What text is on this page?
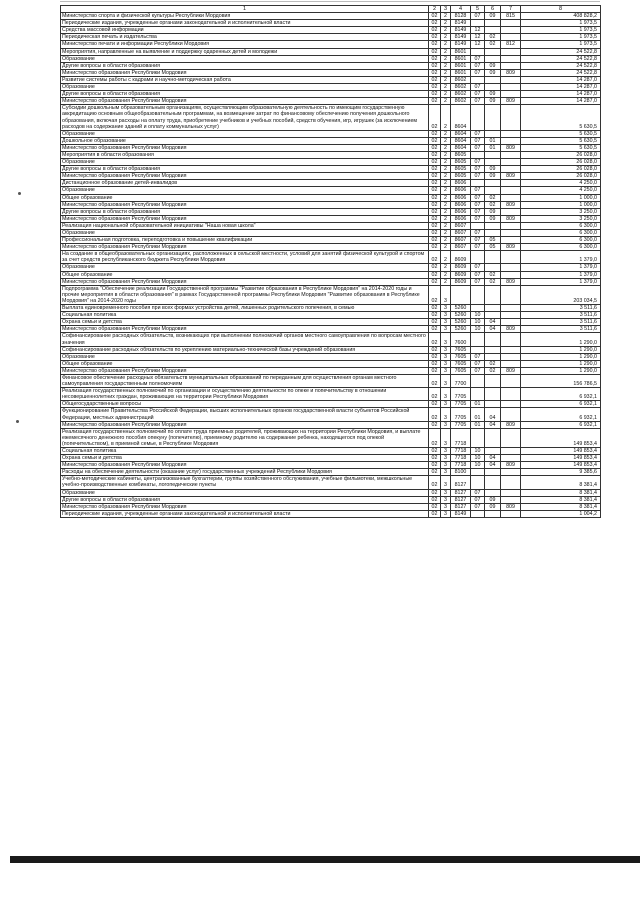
1	2	3	4	5	6	7	8
Министерство спорта и физической культуры Республики Мордовия	02	2	8128	07	09	815	408 828,2
Периодические издания, учрежденные органами законодательной и исполнительной власти	02	2	8149				1 973,5
Средства массовой информации	02	2	8149	12			1 973,5
Периодическая печать и издательства	02	2	8149	12	02		1 973,5
Министерство печати и информации Республики Мордовия	02	2	8149	12	02	812	1 973,5
Мероприятия, направленные на выявление и поддержку одаренных детей и молодежи	02	2	8601				24 522,8
Образование	02	2	8601	07			24 522,8
Другие вопросы в области образования	02	2	8601	07	09		24 522,8
Министерство образования Республики Мордовия	02	2	8601	07	09	809	24 522,8
Развитие системы работы с кадрами и научно-методическая работа	02	2	8602				14 287,0
Образование	02	2	8602	07			14 287,0
Другие вопросы в области образования	02	2	8602	07	09		14 287,0
Министерство образования Республики Мордовия	02	2	8602	07	09	809	14 287,0
Субсидии дошкольным образовательным организациям, осуществляющим образовательную деятельность по имеющим государственную аккредитацию основным общеобразовательным программам, на возмещение затрат по финансовому обеспечению получения дошкольного образования, включая расходы на оплату труда, приобретение учебников и учебных пособий, средств обучения, игр, игрушек (за исключением расходов на содержание зданий и оплату коммунальных услуг)	02	2	8604				5 630,5
Образование	02	2	8604	07			5 630,5
Дошкольное образование	02	2	8604	07	01		5 630,5
Министерство образования Республики Мордовия	02	2	8604	07	01	809	5 630,5
Мероприятия в области образования	02	2	8605				26 028,0
Образование	02	2	8605	07			26 028,0
Другие вопросы в области образования	02	2	8605	07	09		26 028,0
Министерство образования Республики Мордовия	02	2	8605	07	09	809	26 028,0
Дистанционное образование детей-инвалидов	02	2	8606				4 250,0
Образование	02	2	8606	07			4 250,0
Общее образование	02	2	8606	07	02		1 000,0
Министерство образования Республики Мордовия	02	2	8606	07	02	809	1 000,0
Другие вопросы в области образования	02	2	8606	07	09		3 250,0
Министерство образования Республики Мордовия	02	2	8606	07	09	809	3 250,0
Реализация национальной образовательной инициативы "Наша новая школа"	02	2	8607				6 300,0
Образование	02	2	8607	07			6 300,0
Профессиональная подготовка, переподготовка и повышение квалификации	02	2	8607	07	05		6 300,0
Министерство образования Республики Мордовия	02	2	8607	07	05	809	6 300,0
На создание в общеобразовательных организациях, расположенных в сельской местности, условий для занятий физической культурой и спортом за счет средств республиканского бюджета Республики Мордовия	02	2	8609				1 379,0
Образование	02	2	8609	07			1 379,0
Общее образование	02	2	8609	07	02		1 379,0
Министерство образования Республики Мордовия	02	2	8609	07	02	809	1 379,0
Подпрограмма "Обеспечение реализации Государственной программы "Развитие образования в Республике Мордовия" на 2014-2020 годы и прочие мероприятия в области образования" в рамках Государственной программы Республики Мордовия "Развитие образования в Республике Мордовия" на 2014-2020 годы	02	3					203 034,5
Выплата единовременного пособия при всех формах устройства детей, лишенных родительского попечения, в семью	02	3	5260				3 511,6
Социальная политика	02	3	5260	10			3 511,6
Охрана семьи и детства	02	3	5260	10	04		3 511,6
Министерство образования Республики Мордовия	02	3	5260	10	04	809	3 511,6
Софинансирование расходных обязательств, возникающих при выполнении полномочий органов местного самоуправления по вопросам местного значения	02	3	7600				1 290,0
Софинансирование расходных обязательств по укреплению материально-технической базы учреждений образования	02	3	7605				1 290,0
Образование	02	3	7605	07			1 290,0
Общее образование	02	3	7605	07	02		1 290,0
Министерство образования Республики Мордовия	02	3	7605	07	02	809	1 290,0
Финансовое обеспечение расходных обязательств муниципальных образований по переданным для осуществления органам местного самоуправления государственным полномочиям	02	3	7700				156 786,5
Реализация государственных полномочий по организации и осуществлению деятельности по опеке и попечительству в отношении несовершеннолетних граждан, проживающих на территории Республики Мордовия	02	3	7705				6 932,1
Общегосударственные вопросы	02	3	7705	01			6 932,1
Функционирование Правительства Российской Федерации, высших исполнительных органов государственной власти субъектов Российской Федерации, местных администраций	02	3	7705	01	04		6 932,1
Министерство образования Республики Мордовия	02	3	7705	01	04	809	6 932,1
Реализация государственных полномочий по оплате труда приемных родителей, проживающих на территории Республики Мордовия, и выплате ежемесячного денежного пособия опекуну (попечителю), приемному родителю на содержание ребенка, находящегося под опекой (попечительством), в приемной семье, в Республике Мордовия	02	3	7718				149 853,4
Социальная политика	02	3	7718	10			149 853,4
Охрана семьи и детства	02	3	7718	10	04		149 853,4
Министерство образования Республики Мордовия	02	3	7718	10	04	809	149 853,4
Расходы на обеспечение деятельности (оказание услуг) государственных учреждений Республики Мордовия	02	3	8100				9 385,6
Учебно-методические кабинеты, централизованные бухгалтерии, группы хозяйственного обслуживания, учебные фильмотеки, межшкольные учебно-производственные комбинаты, логопедические пункты	02	3	8127				8 381,4
Образование	02	3	8127	07			8 381,4
Другие вопросы в области образования	02	3	8127	07	09		8 381,4
Министерство образования Республики Мордовия	02	3	8127	07	09	809	8 381,4
Периодические издания, учрежденные органами законодательной и исполнительной власти	02	3	8149				1 004,2
